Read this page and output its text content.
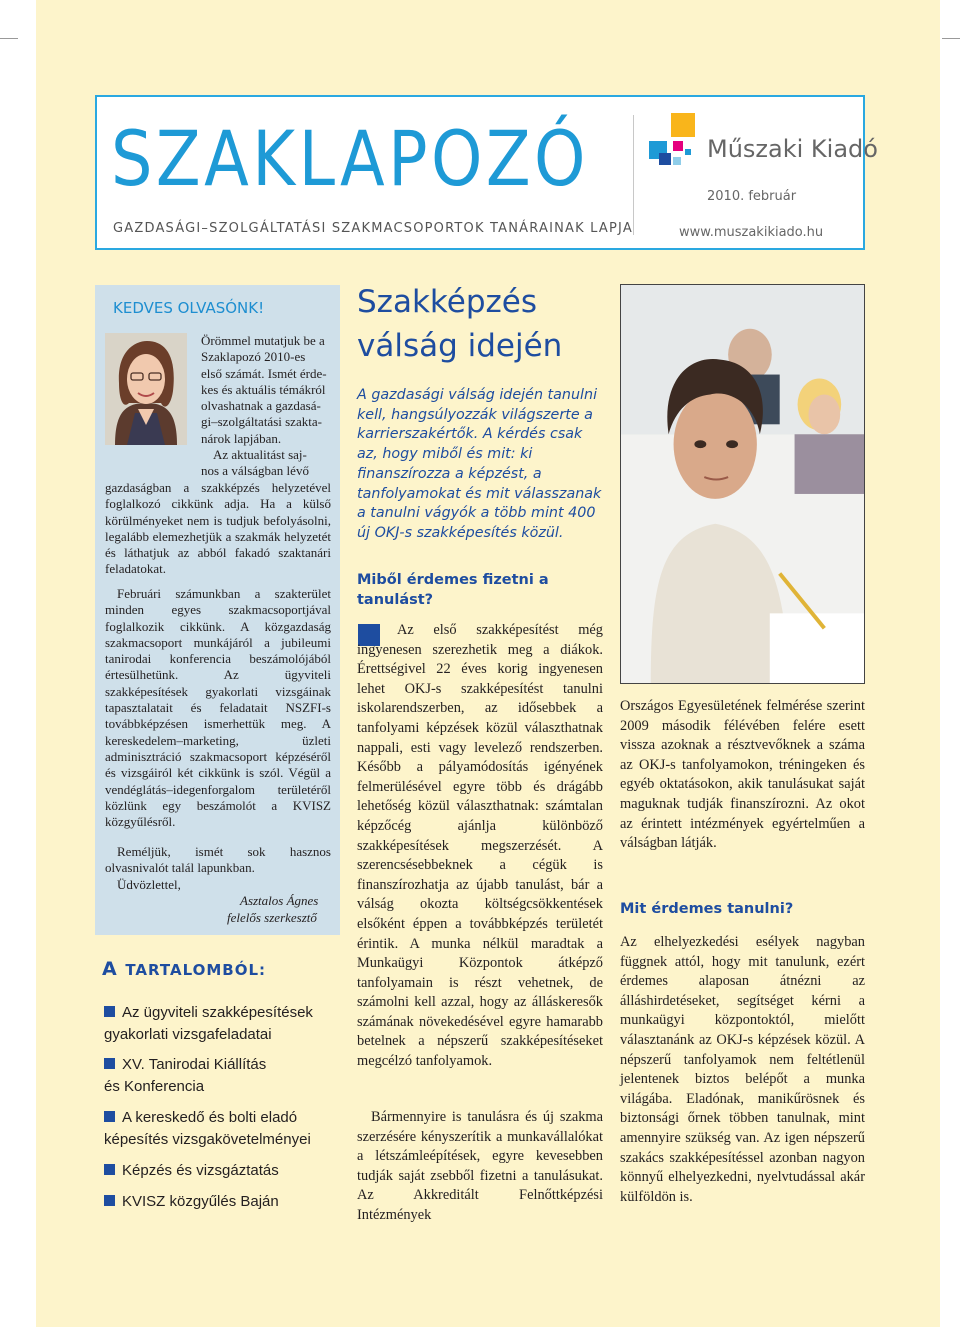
SZAKLAPOZÓ
GAZDASÁGI–SZOLGÁLTATÁSI SZAKMACSOPORTOK TANÁRAINAK LAPJA
Műszaki Kiadó
2010. február
www.muszakikiado.hu
KEDVES OLVASÓNK!
Örömmel mutatjuk be a
Szaklapozó 2010-es
első számát. Ismét érde-
kes és aktuális témákról
olvashatnak a gazdasá-
gi–szolgáltatási szakta-
nárok lapjában.
Az aktualitást saj-
nos a válságban lévő
gazdaságban a szakképzés helyzetével foglalkozó cikkünk adja. Ha a külső körülményeket nem is tudjuk befolyásolni, legalább elemezhetjük a szakmák helyzetét és láthatjuk az abból fakadó szaktanári feladatokat.
Februári számunkban a szakterület minden egyes szakmacsoportjával foglalkozik cikkünk. A közgazdaság szakmacsoport munkájáról a jubileumi tanirodai konferencia beszámolójából értesülhetünk. Az ügyviteli szakképesítések gyakorlati vizsgáinak tapasztalatait és feladatait NSZFI-s továbbképzésen ismerhettük meg. A kereskedelem–marketing, üzleti adminisztráció szakmacsoport képzéséről és vizsgáiról két cikkünk is szól. Végül a vendéglátás–idegenforgalom területéről közlünk egy beszámolót a KVISZ közgyűlésről.
Reméljük, ismét sok hasznos olvasnivalót talál lapunkban.
Üdvözlettel,
Asztalos Ágnes
felelős szerkesztő
A TARTALOMBÓL:
Az ügyviteli szakképesítések
gyakorlati vizsgafeladatai
XV. Tanirodai Kiállítás
és Konferencia
A kereskedő és bolti eladó
képesítés vizsgakövetelményei
Képzés és vizsgáztatás
KVISZ közgyűlés Baján
Szakképzés
válság idején
A gazdasági válság idején tanulni kell, hangsúlyozzák világszerte a karrierszakértők. A kérdés csak az, hogy miből és mit: ki finanszírozza a képzést, a tanfolyamokat és mit válasszanak a tanulni vágyók a több mint 400 új OKJ-s szakképesítés közül.
Miből érdemes fizetni a tanulást?
Az első szakképesítést még ingyenesen szerezhetik meg a diákok. Érettségivel 22 éves korig ingyenesen lehet OKJ-s szakképesítést tanulni iskolarendszerben, az idősebbek a tanfolyami képzések közül választhatnak nappali, esti vagy levelező rendszerben. Később a pályamódosítás igényének felmerülésével egyre több és drágább lehetőség közül választhatnak: számtalan képzőcég ajánlja különböző szakképesítések megszerzését. A szerencsésebbeknek a cégük is finanszírozhatja az újabb tanulást, bár a válság okozta költségcsökkentések elsőként éppen a továbbképzés területét érintik. A munka nélkül maradtak a Munkaügyi Központok átképző tanfolyamain is részt vehetnek, de számolni kell azzal, hogy az álláskeresők számának növekedésével egyre hamarabb betelnek a népszerű szakképesítéseket megcélzó tanfolyamok.
Bármennyire is tanulásra és új szakma szerzésére kényszerítik a munkavállalókat a létszámleépítések, egyre kevesebben tudják saját zsebből fizetni a tanulásukat. Az Akkreditált Felnőttképzési Intézmények
Országos Egyesületének felmérése szerint 2009 második félévében felére esett vissza azoknak a résztvevőknek a száma az OKJ-s tanfolyamokon, tréningeken és egyéb oktatásokon, akik tanulásukat saját maguknak tudják finanszírozni. Az okot az érintett intézmények egyértelműen a válságban látják.
Mit érdemes tanulni?
Az elhelyezkedési esélyek nagyban függnek attól, hogy mit tanulunk, ezért érdemes alaposan átnézni az álláshirdetéseket, segítséget kérni a munkaügyi központoktól, mielőtt választanánk az OKJ-s képzések közül. A népszerű tanfolyamok nem feltétlenül jelentenek biztos belépőt a munka világába. Eladónak, manikűrösnek és biztonsági őrnek többen tanulnak, mint amennyire szükség van. Az igen népszerű szakács szakképesítéssel azonban nagyon könnyű elhelyezkedni, nyelvtudással akár külföldön is.
